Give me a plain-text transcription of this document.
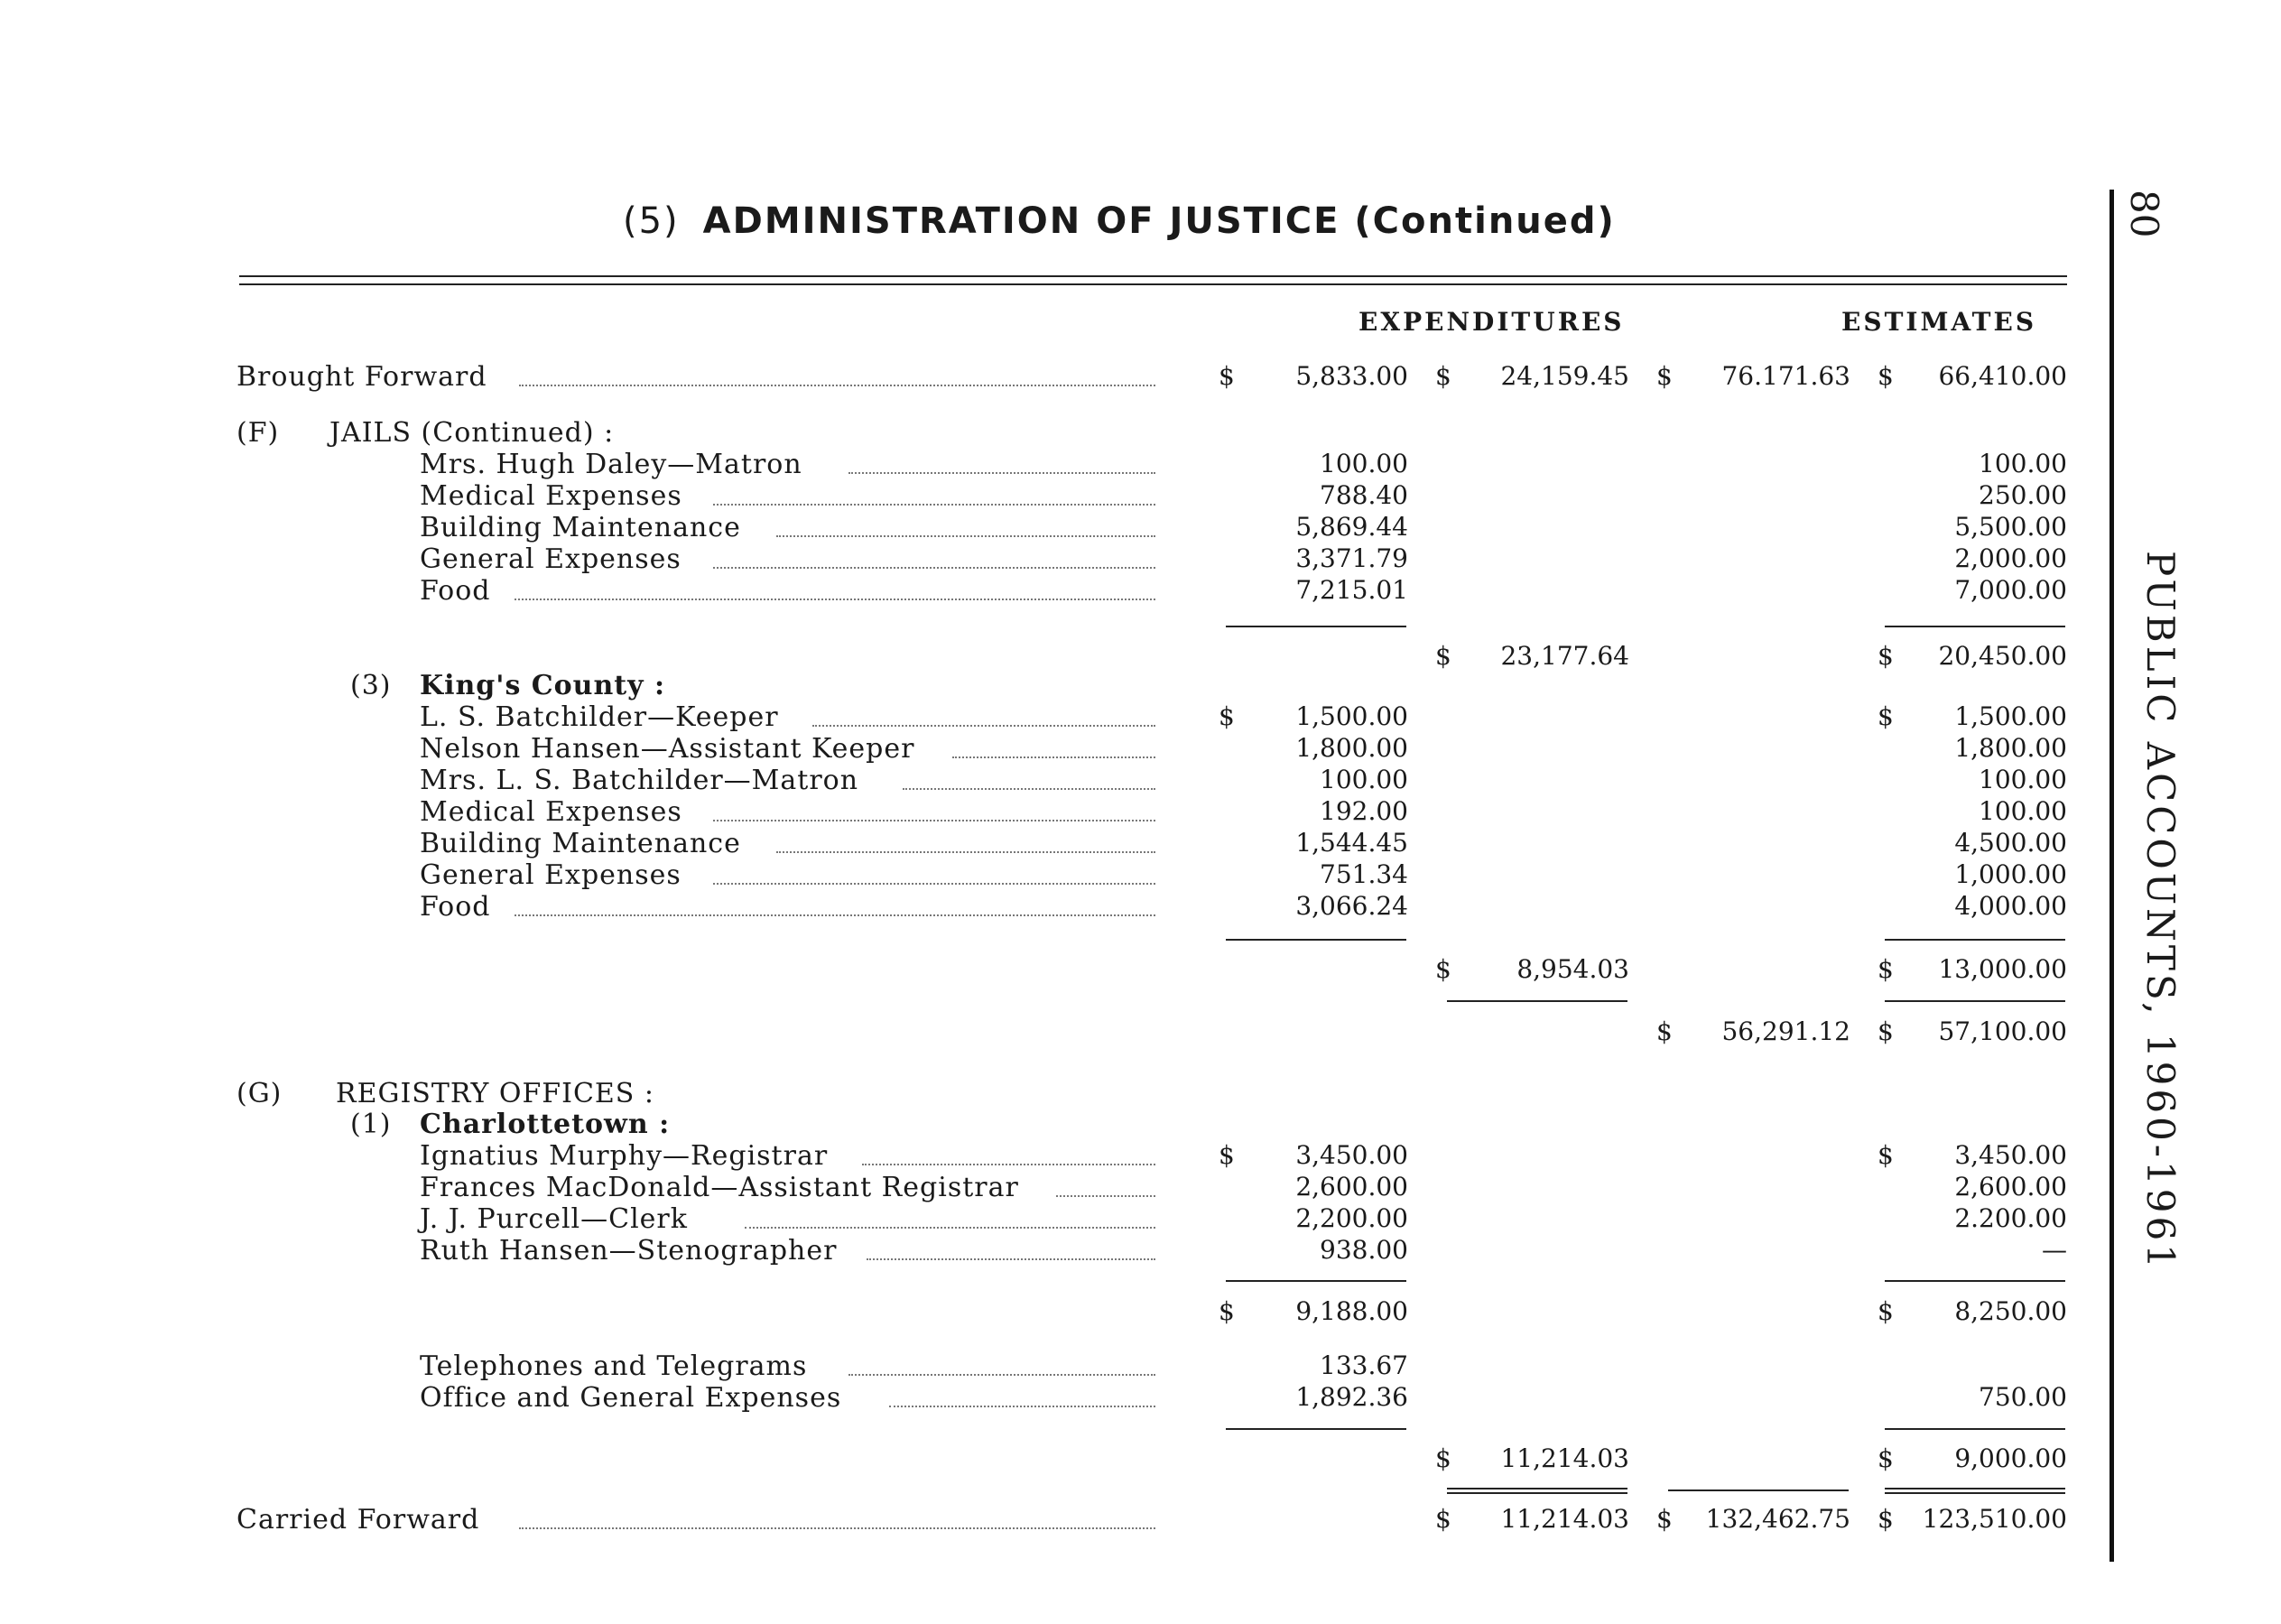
(5) ADMINISTRATION OF JUSTICE (Continued)	80
PUBLIC ACCOUNTS, 1960-1961
EXPENDITURES	ESTIMATES
Brought Forward	$	5,833.00 $	24,159.45 $	76.171.63 $	66,410.00
(F) JAILS (Continued) :
Mrs. Hugh Daley—Matron	100.00	100.00
Medical Expenses	788.40	250.00
Building Maintenance	5,869.44	5,500.00
General Expenses	3,371.79	2,000.00
Food	7,215.01	7,000.00
$	23,177.64	$	20,450.00
(3) King's County :
L. S. Batchilder—Keeper	$	1,500.00	$	1,500.00
Nelson Hansen—Assistant Keeper	1,800.00	1,800.00
Mrs. L. S. Batchilder—Matron	100.00	100.00
Medical Expenses	192.00	100.00
Building Maintenance	1,544.45	4,500.00
General Expenses	751.34	1,000.00
Food	3,066.24	4,000.00
$	8,954.03	$	13,000.00
$	56,291.12 $	57,100.00
(G) REGISTRY OFFICES :
(1) Charlottetown :
Ignatius Murphy—Registrar	$	3,450.00	$	3,450.00
Frances MacDonald—Assistant Registrar	2,600.00	2,600.00
J. J. Purcell—Clerk	2,200.00	2.200.00
Ruth Hansen—Stenographer	938.00	—
$	9,188.00	$	8,250.00
Telephones and Telegrams	133.67
Office and General Expenses	1,892.36	750.00
$	11,214.03	$	9,000.00
Carried Forward	$	11,214.03 $	132,462.75 $	123,510.00
